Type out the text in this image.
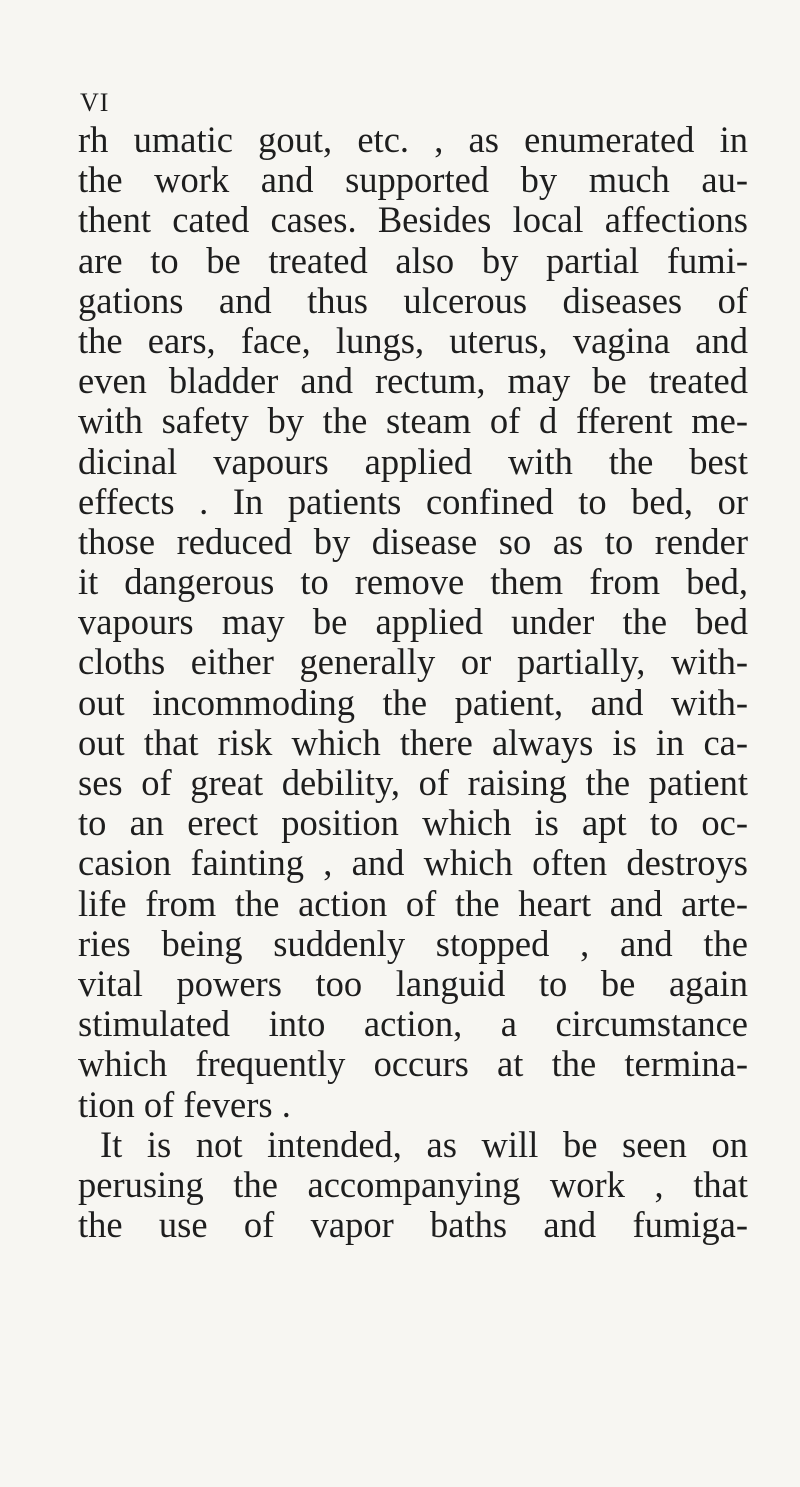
VI
rh umatic gout, etc. , as enumerated in
the work and supported by much au-
thent cated cases. Besides local affections
are to be treated also by partial fumi-
gations and thus ulcerous diseases of
the ears, face, lungs, uterus, vagina and
even bladder and rectum, may be treated
with safety by the steam of d fferent me-
dicinal vapours applied with the best
effects . In patients confined to bed, or
those reduced by disease so as to render
it dangerous to remove them from bed,
vapours may be applied under the bed
cloths either generally or partially, with-
out incommoding the patient, and with-
out that risk which there always is in ca-
ses of great debility, of raising the patient
to an erect position which is apt to oc-
casion fainting , and which often destroys
life from the action of the heart and arte-
ries being suddenly stopped , and the
vital powers too languid to be again
stimulated into action, a circumstance
which frequently occurs at the termina-
tion of fevers .
It is not intended, as will be seen on
perusing the accompanying work , that
the use of vapor baths and fumiga-
